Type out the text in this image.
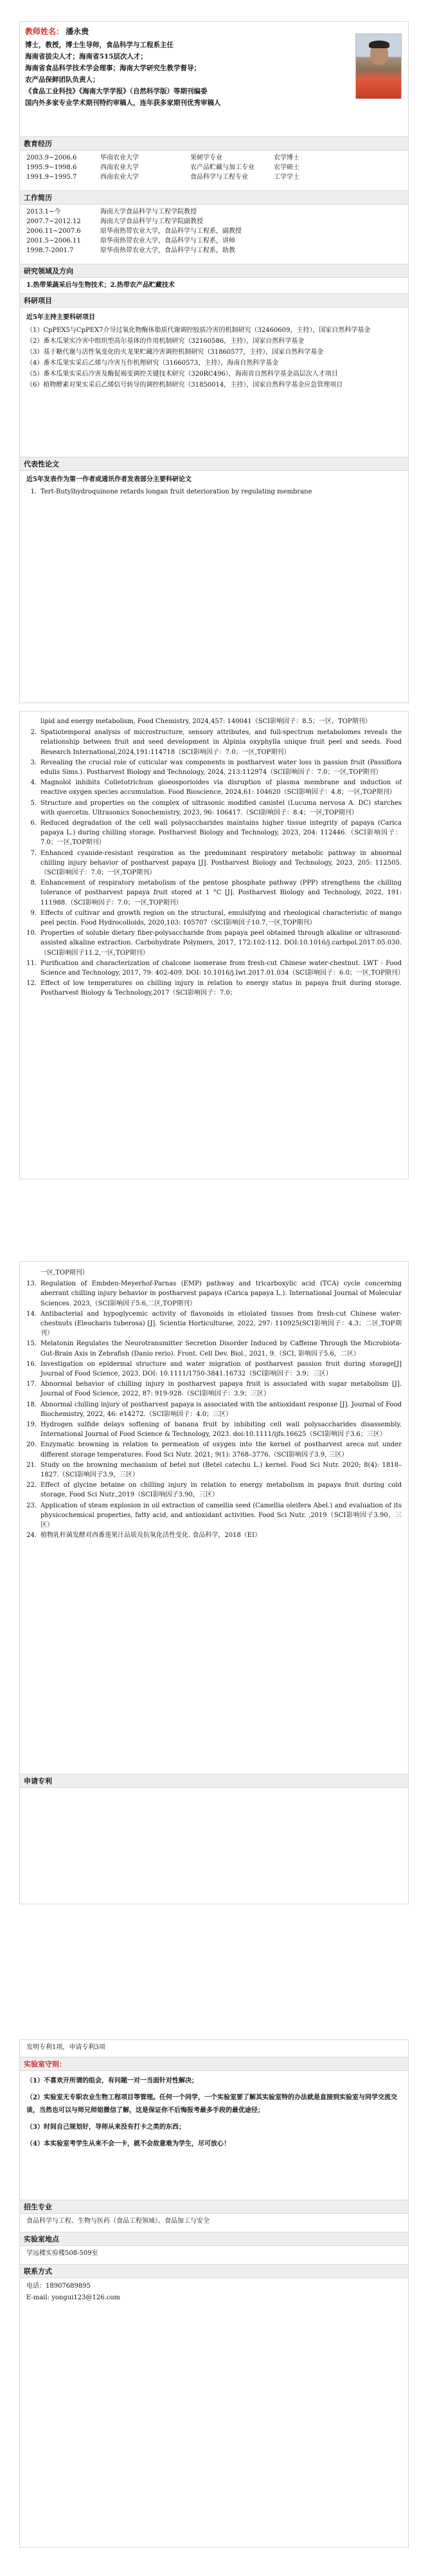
教师姓名： 潘永贵
博士，教授，博士生导师，食品科学与工程系主任
海南省拔尖人才；海南省515层次人才；
海南省食品科学技术学会理事；海南大学研究生教学督导；
农产品保鲜团队负责人；
《食品工业科技》《海南大学学报》（自然科学版）等期刊编委
国内外多家专业学术期刊特约审稿人，连年获多家期刊优秀审稿人
教育经历
2003.9~2006.6	华南农业大学	果树学专业	农学博士
1995.9~1998.6	西南农业大学	农产品贮藏与加工专业	农学硕士
1991.9~1995.7	西南农业大学	食品科学与工程专业	工学学士
工作简历
2013.1~今	海南大学食品科学与工程学院教授
2007.7~2012.12	海南大学食品科学与工程学院副教授
2006.11~2007.6	原华南热带农业大学，食品科学与工程系，副教授
2001.5~2006.11	原华南热带农业大学，食品科学与工程系，讲师
1998.7-2001.7	原华南热带农业大学，食品科学与工程系，助教
研究领域及方向
1.热带果蔬采后与生物技术；2.热带农产品贮藏技术
科研项目
近5年主持主要科研项目
（1）CpPEX5与CpPEX7介导过氧化物酶体脂质代谢调控胶质冷害的机制研究（32460609，主持），国家自然科学基金
（2）番木瓜果实冷害中组织型高尔基体的作用机制研究（32160586，主持），国家自然科学基金
（3）基于糖代谢与活性氧变化的火龙果贮藏冷害调控机制研究（31860577，主持），国家自然科学基金
（4）番木瓜果实采后乙烯与冷害互作机理研究（31660573，主持），海南自然科学基金
（5）番木瓜果实采后冷害及酶促褐变调控关键技术研究（320RC496），海南省自然科学基金高层次人才项目
（6）植物酵素对果实采后乙烯信号转导的调控机制研究（31850014，主持），国家自然科学基金应急管理项目
代表性论文
近5年发表作为第一作者或通讯作者发表部分主要科研论文
1. Tert-Butylhydroquinone retards longan fruit deterioration by regulating membrane
lipid and energy metabolism, Food Chemistry, 2024,457: 140041（SCI影响因子：8.5；一区，TOP期刊）
2. Spatiotemporal analysis of microstructure, sensory attributes, and full-spectrum metabolomes reveals the relationship between fruit and seed development in Alpinia oxyphylla unique fruit peel and seeds. Food Research International,2024,191:114718（SCI影响因子：7.0；一区,TOP期刊）
3. Revealing the crucial role of cuticular wax components in postharvest water loss in passion fruit (Passiflora edulis Sims.). Postharvest Biology and Technology, 2024, 213:112974（SCI影响因子：7.0；一区,TOP期刊）
4. Magnolol inhibits Colletotrichum gloeosporioides via disruption of plasma membrane and induction of reactive oxygen species accumulation. Food Bioscience, 2024,61: 104620（SCI影响因子：4.8；一区,TOP期刊）
5. Structure and properties on the complex of ultrasonic modified canistel (Lucuma nervosa A. DC) starches with quercetin. Ultrasonics Sonochemistry, 2023, 96: 106417.（SCI影响因子：8.4；一区,TOP期刊）
6. Reduced degradation of the cell wall polysaccharides maintains higher tissue integrity of papaya (Carica papaya L.) during chilling storage. Postharvest Biology and Technology, 2023, 204: 112446.（SCI影响因子：7.0；一区,TOP期刊）
7. Enhanced cyanide-resistant respiration as the predominant respiratory metabolic pathway in abnormal chilling injury behavior of postharvest papaya [J]. Postharvest Biology and Technology, 2023, 205: 112505.（SCI影响因子：7.0；一区,TOP期刊）
8. Enhancement of respiratory metabolism of the pentose phosphate pathway (PPP) strengthens the chilling tolerance of postharvest papaya fruit stored at 1 °C [J]. Postharvest Biology and Technology, 2022, 191: 111988.（SCI影响因子：7.0；一区,TOP期刊）
9. Effects of cultivar and growth region on the structural, emulsifying and rheological characteristic of mango peel pectin. Food Hydrocolloids, 2020,103: 105707（SCI影响因子10.7,一区,TOP期刊）
10. Properties of soluble dietary fiber-polysaccharide from papaya peel obtained through alkaline or ultrasound-assisted alkaline extraction. Carbohydrate Polymers, 2017, 172:102-112. DOI:10.1016/j.carbpol.2017.05.030.（SCI影响因子11.2,一区,TOP期刊）
11. Purification and characterization of chalcone isomerase from fresh-cut Chinese water-chestnut. LWT - Food Science and Technology, 2017, 79: 402-409. DOI: 10.1016/j.lwt.2017.01.034（SCI影响因子：6.0；一区,TOP期刊）
12. Effect of low temperatures on chilling injury in relation to energy status in papaya fruit during storage. Postharvest Biology & Technology,2017（SCI影响因子：7.0；
一区,TOP期刊）
13. Regulation of Embden-Meyerhof-Parnas (EMP) pathway and tricarboxylic acid (TCA) cycle concerning aberrant chilling injury behavior in postharvest papaya (Carica papaya L.). International Journal of Molecular Sciences. 2023,（SCI影响因子5.6,二区,TOP期刊）
14. Antibacterial and hypoglycemic activity of flavonoids in etiolated tissues from fresh-cut Chinese water-chestnuts (Eleocharis tuberosa) [J]. Scientia Horticulturae, 2022, 297: 110925(SCI影响因子：4.3；二区,TOP期刊）
15. Melatonin Regulates the Neurotransmitter Secretion Disorder Induced by Caffeine Through the Microbiota-Gut-Brain Axis in Zebrafish (Danio rerio). Front. Cell Dev. Biol., 2021, 9.（SCI, 影响因子5.6，二区）
16. Investigation on epidermal structure and water migration of postharvest passion fruit during storage[J] Journal of Food Science, 2023, DOI: 10.1111/1750-3841.16732（SCI影响因子：3.9；三区）
17. Abnormal behavior of chilling injury in postharvest papaya fruit is associated with sugar metabolism [J]. Journal of Food Science, 2022, 87: 919-928.（SCI影响因子：3.9；三区）
18. Abnormal chilling injury of postharvest papaya is associated with the antioxidant response [J]. Journal of Food Biochemistry, 2022, 46: e14272.（SCI影响因子：4.0；三区）
19. Hydrogen sulfide delays softening of banana fruit by inhibiting cell wall polysaccharides disassembly. International Journal of Food Science & Technology, 2023. doi:10.1111/ijfs.16625（SCI影响因子3.6；三区）
20. Enzymatic browning in relation to permeation of oxygen into the kernel of postharvest areca nut under different storage temperatures. Food Sci Nutr. 2021; 9(1): 3768–3776.（SCI影响因子3.9, 三区）
21. Study on the browning mechanism of betel nut (Betel catechu L.) kernel. Food Sci Nutr. 2020; 8(4): 1818–1827.（SCI影响因子3.9，三区）
22. Effect of glycine betaine on chilling injury in relation to energy metabolism in papaya fruit during cold storage, Food Sci Nutr.,2019（SCI影响因子3.90，三区）
23. Application of steam explosion in oil extraction of camellia seed (Camellia oleifera Abel.) and evaluation of its physicochemical properties, fatty acid, and antioxidant activities. Food Sci Nutr. ,2019（SCI影响因子3.90，三区）
24. 植物乳杆菌发酵对西番莲果汁品质及抗氧化活性变化. 食品科学，2018（EI）
申请专利
发明专利1项，申请专利3项
实验室守则：
（1）不喜欢开所谓的组会，有问题一对一当面针对性解决；
（2）实验室无专职农业生物工程项目等管理。任何一个同学，一个实验室要了解其实验室特的办法就是直接到实验室与同学交流交谈，当然也可以与师兄师姐微信了解，这是保证你不后悔报考最多手段的最优途径；
（3）时间自己规划好，导师从来没有打卡之类的东西；
（4）本实验室考学生从来不会一卡，就不会故意难为学生，尽可放心！
招生专业
食品科学与工程、生物与医药（食品工程领域）、食品加工与安全
实验室地点
学远楼实验楼508-509室
联系方式
电话：18907689895
E-mail: yongui123@126.com
